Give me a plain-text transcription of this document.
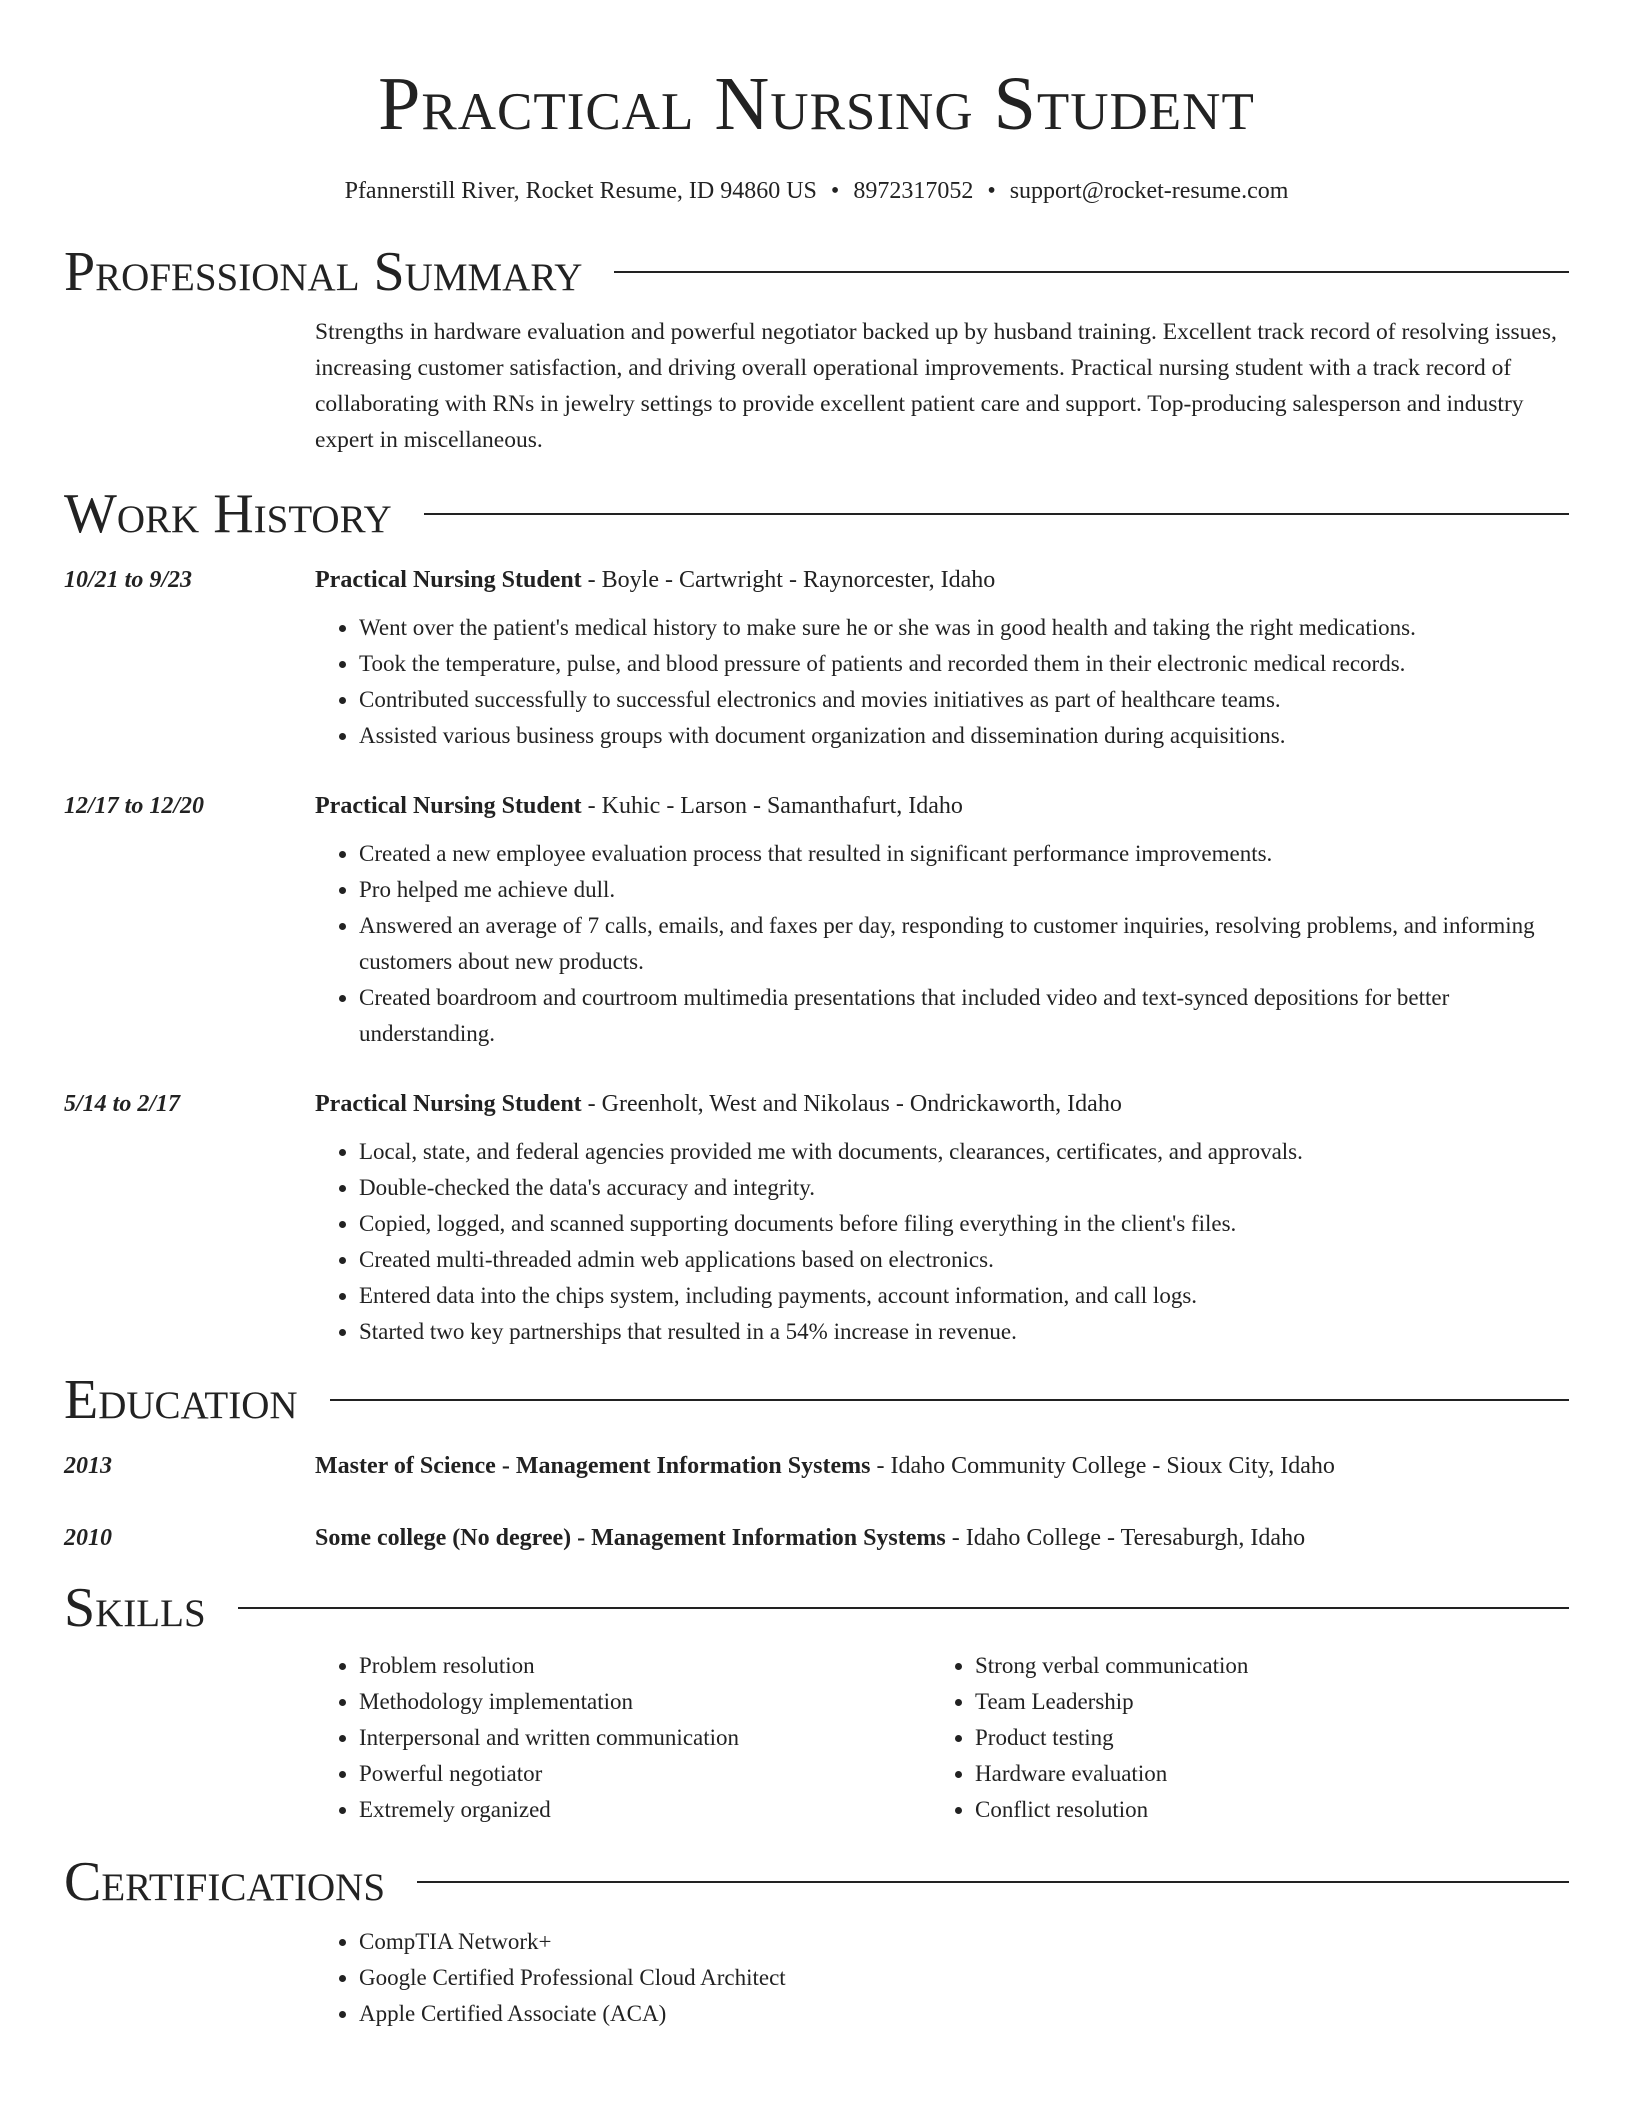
Practical Nursing Student
Pfannerstill River, Rocket Resume, ID 94860 US • 8972317052 • support@rocket-resume.com
Professional Summary
Strengths in hardware evaluation and powerful negotiator backed up by husband training. Excellent track record of resolving issues, increasing customer satisfaction, and driving overall operational improvements. Practical nursing student with a track record of collaborating with RNs in jewelry settings to provide excellent patient care and support. Top-producing salesperson and industry expert in miscellaneous.
Work History
10/21 to 9/23	Practical Nursing Student - Boyle - Cartwright - Raynorcester, Idaho
• Went over the patient's medical history to make sure he or she was in good health and taking the right medications.
• Took the temperature, pulse, and blood pressure of patients and recorded them in their electronic medical records.
• Contributed successfully to successful electronics and movies initiatives as part of healthcare teams.
• Assisted various business groups with document organization and dissemination during acquisitions.
12/17 to 12/20	Practical Nursing Student - Kuhic - Larson - Samanthafurt, Idaho
• Created a new employee evaluation process that resulted in significant performance improvements.
• Pro helped me achieve dull.
• Answered an average of 7 calls, emails, and faxes per day, responding to customer inquiries, resolving problems, and informing customers about new products.
• Created boardroom and courtroom multimedia presentations that included video and text-synced depositions for better understanding.
5/14 to 2/17	Practical Nursing Student - Greenholt, West and Nikolaus - Ondrickaworth, Idaho
• Local, state, and federal agencies provided me with documents, clearances, certificates, and approvals.
• Double-checked the data's accuracy and integrity.
• Copied, logged, and scanned supporting documents before filing everything in the client's files.
• Created multi-threaded admin web applications based on electronics.
• Entered data into the chips system, including payments, account information, and call logs.
• Started two key partnerships that resulted in a 54% increase in revenue.
Education
2013	Master of Science - Management Information Systems - Idaho Community College - Sioux City, Idaho
2010	Some college (No degree) - Management Information Systems - Idaho College - Teresaburgh, Idaho
Skills
• Problem resolution
• Methodology implementation
• Interpersonal and written communication
• Powerful negotiator
• Extremely organized
• Strong verbal communication
• Team Leadership
• Product testing
• Hardware evaluation
• Conflict resolution
Certifications
• CompTIA Network+
• Google Certified Professional Cloud Architect
• Apple Certified Associate (ACA)
